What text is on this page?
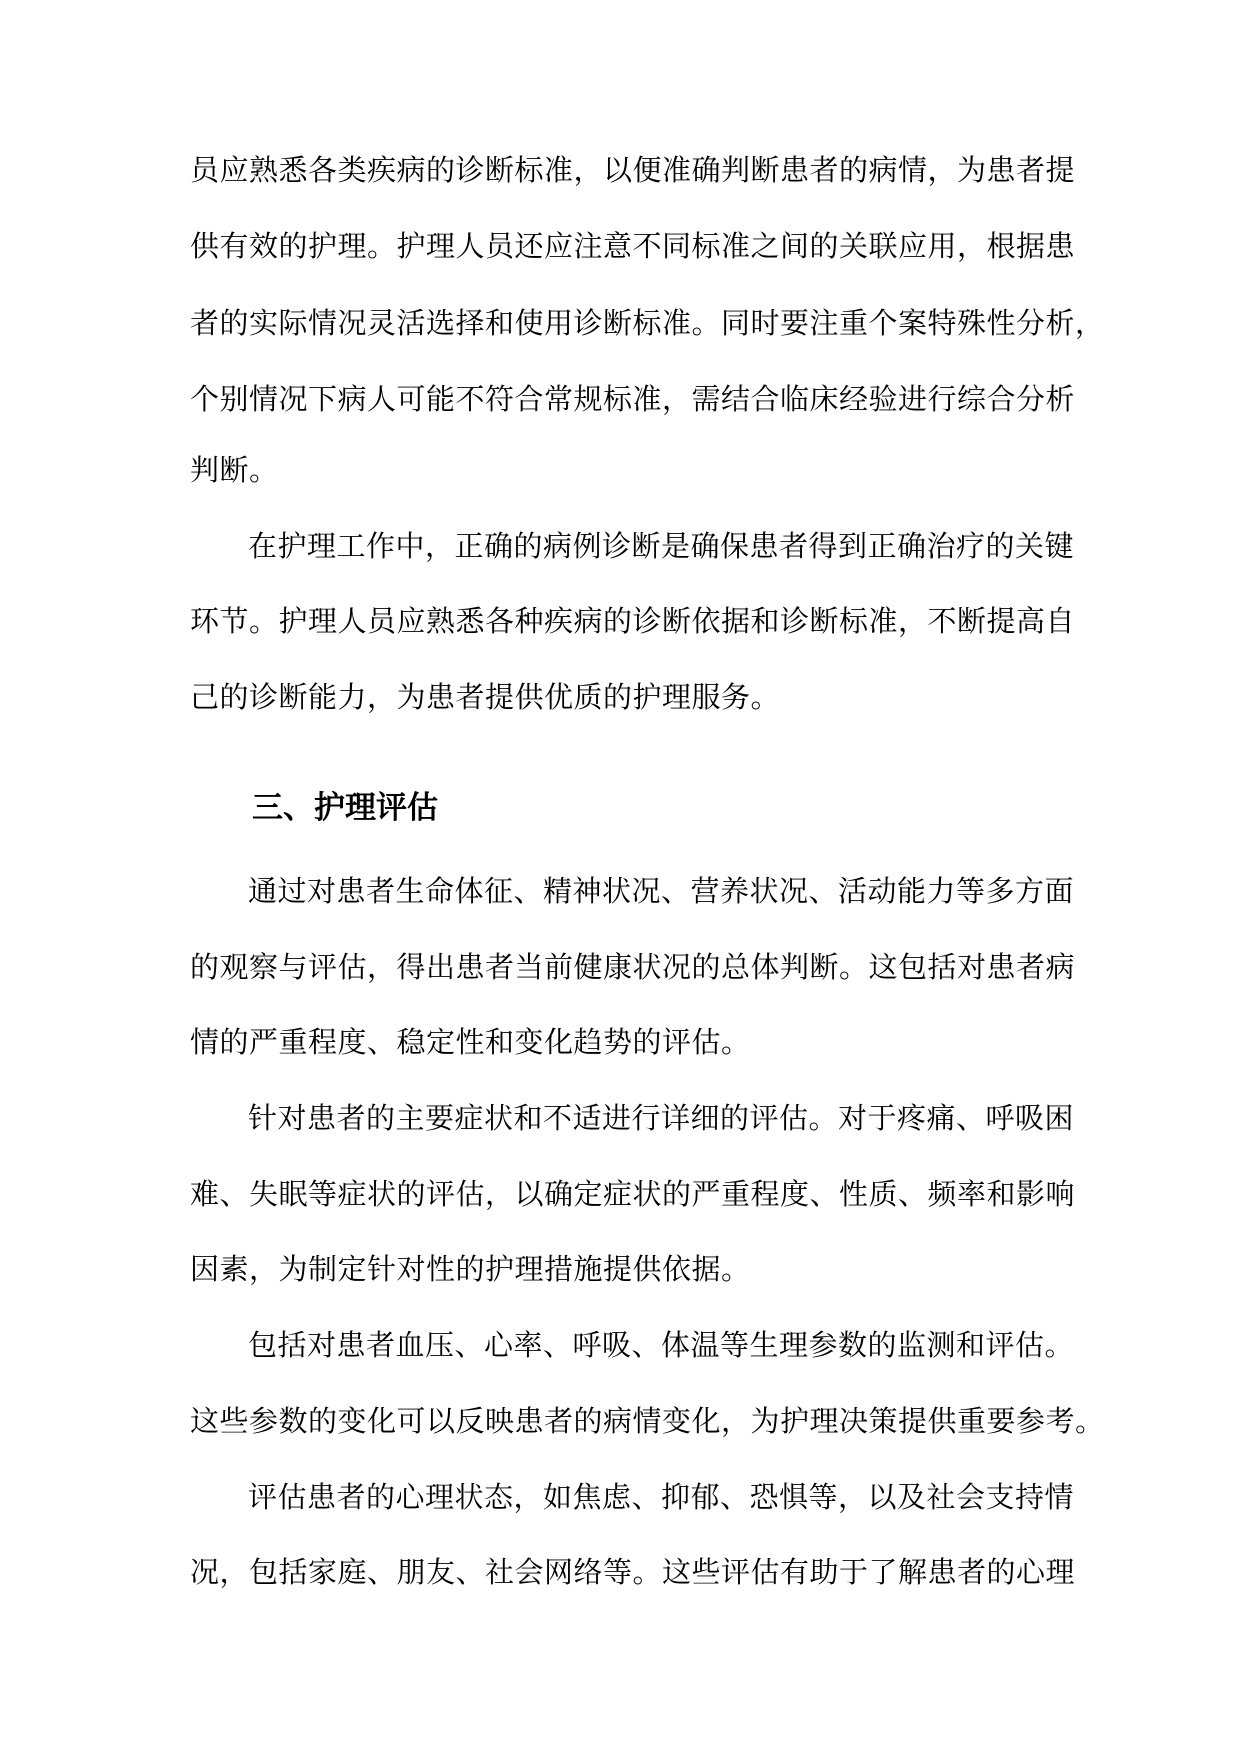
员应熟悉各类疾病的诊断标准，以便准确判断患者的病情，为患者提
供有效的护理。护理人员还应注意不同标准之间的关联应用，根据患
者的实际情况灵活选择和使用诊断标准。同时要注重个案特殊性分析，
个别情况下病人可能不符合常规标准，需结合临床经验进行综合分析
判断。
在护理工作中，正确的病例诊断是确保患者得到正确治疗的关键
环节。护理人员应熟悉各种疾病的诊断依据和诊断标准，不断提高自
己的诊断能力，为患者提供优质的护理服务。
三、护理评估
通过对患者生命体征、精神状况、营养状况、活动能力等多方面
的观察与评估，得出患者当前健康状况的总体判断。这包括对患者病
情的严重程度、稳定性和变化趋势的评估。
针对患者的主要症状和不适进行详细的评估。对于疼痛、呼吸困
难、失眠等症状的评估，以确定症状的严重程度、性质、频率和影响
因素，为制定针对性的护理措施提供依据。
包括对患者血压、心率、呼吸、体温等生理参数的监测和评估。
这些参数的变化可以反映患者的病情变化，为护理决策提供重要参考。
评估患者的心理状态，如焦虑、抑郁、恐惧等，以及社会支持情
况，包括家庭、朋友、社会网络等。这些评估有助于了解患者的心理
